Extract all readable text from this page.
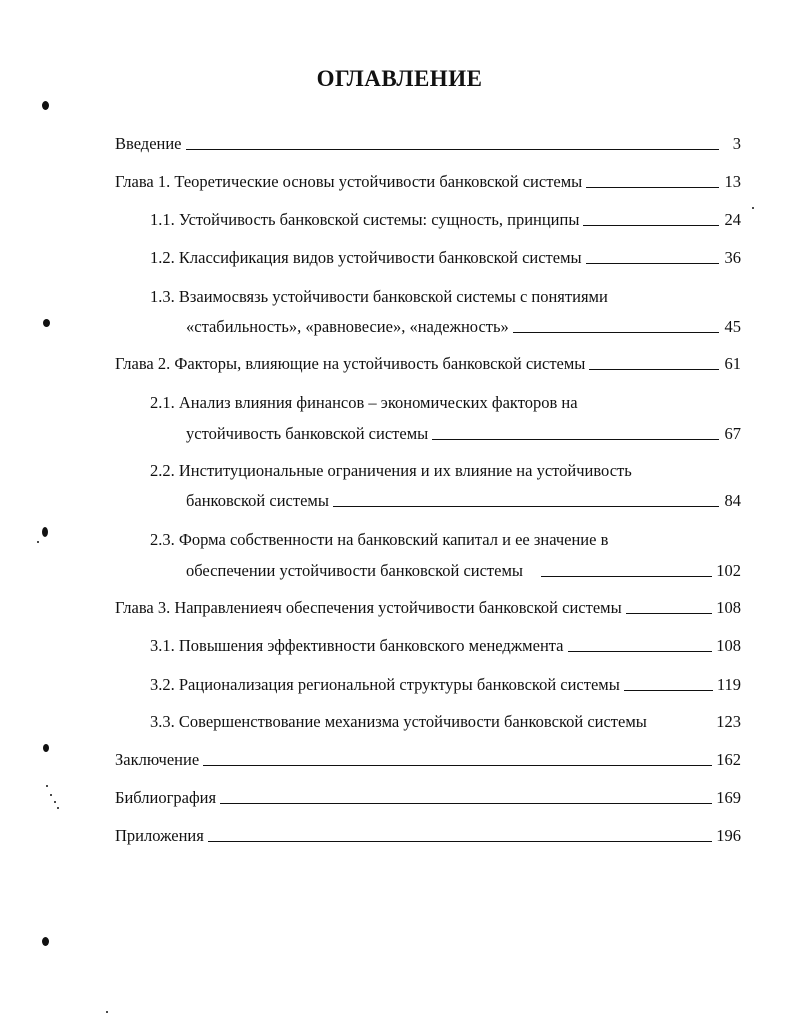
ОГЛАВЛЕНИЕ
Введение	3
Глава 1. Теоретические основы устойчивости банковской системы	13
1.1. Устойчивость банковской системы: сущность, принципы	24
1.2. Классификация видов устойчивости банковской системы	36
1.3. Взаимосвязь устойчивости банковской системы с понятиями
«стабильность», «равновесие», «надежность»	45
Глава 2. Факторы, влияющие на устойчивость банковской системы	61
2.1. Анализ влияния финансов – экономических факторов на
устойчивость банковской системы	67
2.2. Институциональные ограничения и их влияние на устойчивость
банковской системы	84
2.3. Форма собственности на банковский капитал и ее значение в
обеспечении устойчивости банковской системы	102
Глава 3. Направлениеяч обеспечения устойчивости банковской системы	108
3.1. Повышения эффективности банковского менеджмента	108
3.2. Рационализация региональной структуры банковской системы	119
3.3. Совершенствование механизма устойчивости банковской системы	123
Заключение	162
Библиография	169
Приложения	196
